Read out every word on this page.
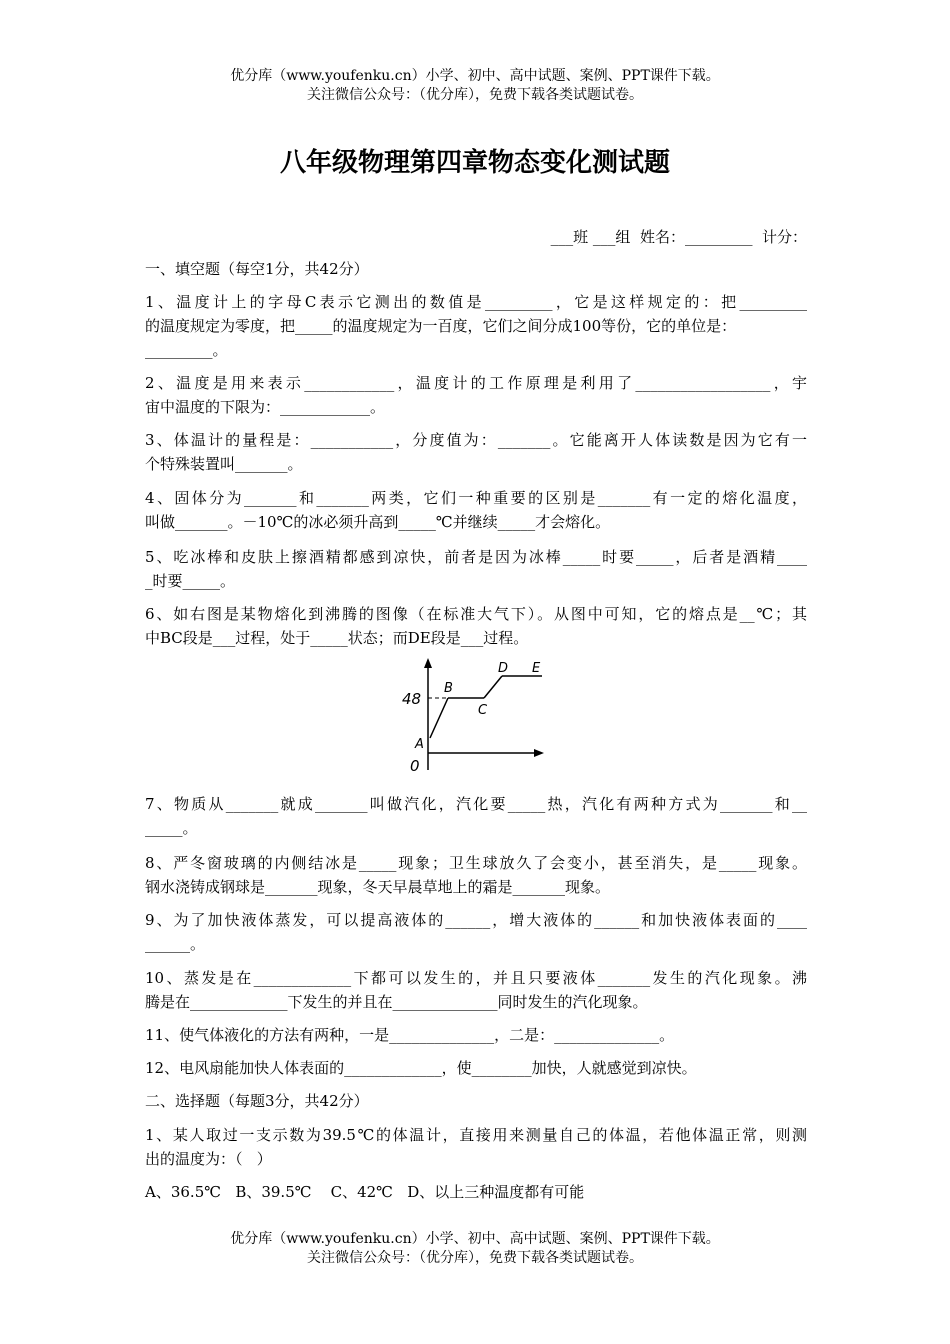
优分库（www.youfenku.cn）小学、初中、高中试题、案例、PPT课件下载。
关注微信公众号：（优分库），免费下载各类试题试卷。
八年级物理第四章物态变化测试题
___班 ___组  姓名：_________  计分：
一、填空题（每空1分，共42分）
1、温度计上的字母C表示它测出的数值是_________，它是这样规定的：把_________
的温度规定为零度，把_____的温度规定为一百度，它们之间分成100等份，它的单位是：
_________。
2、温度是用来表示____________，温度计的工作原理是利用了__________________，宇
宙中温度的下限为：____________。
3、体温计的量程是：___________，分度值为：_______。它能离开人体读数是因为它有一
个特殊装置叫_______。
4、固体分为_______和_______两类，它们一种重要的区别是_______有一定的熔化温度，
叫做_______。－10℃的冰必须升高到_____℃并继续_____才会熔化。
5、吃冰棒和皮肤上擦酒精都感到凉快，前者是因为冰棒_____时要_____，后者是酒精____
_时要_____。
6、如右图是某物熔化到沸腾的图像（在标准大气下）。从图中可知，它的熔点是__℃；其
中BC段是___过程，处于_____状态；而DE段是___过程。
48
0
A
B
C
D E
7、物质从_______就成_______叫做汽化，汽化要_____热，汽化有两种方式为_______和__
_____。
8、严冬窗玻璃的内侧结冰是_____现象；卫生球放久了会变小，甚至消失，是_____现象。
钢水浇铸成钢球是_______现象，冬天早晨草地上的霜是_______现象。
9、为了加快液体蒸发，可以提高液体的______，增大液体的______和加快液体表面的____
______。
10、蒸发是在_____________下都可以发生的，并且只要液体_______发生的汽化现象。沸
腾是在_____________下发生的并且在______________同时发生的汽化现象。
11、使气体液化的方法有两种，一是______________，二是：______________。
12、电风扇能加快人体表面的_____________，使________加快，人就感觉到凉快。
二、选择题（每题3分，共42分）
1、某人取过一支示数为39.5℃的体温计，直接用来测量自己的体温，若他体温正常，则测
出的温度为：（   ）
A、36.5℃   B、39.5℃    C、42℃   D、以上三种温度都有可能
优分库（www.youfenku.cn）小学、初中、高中试题、案例、PPT课件下载。
关注微信公众号：（优分库），免费下载各类试题试卷。
